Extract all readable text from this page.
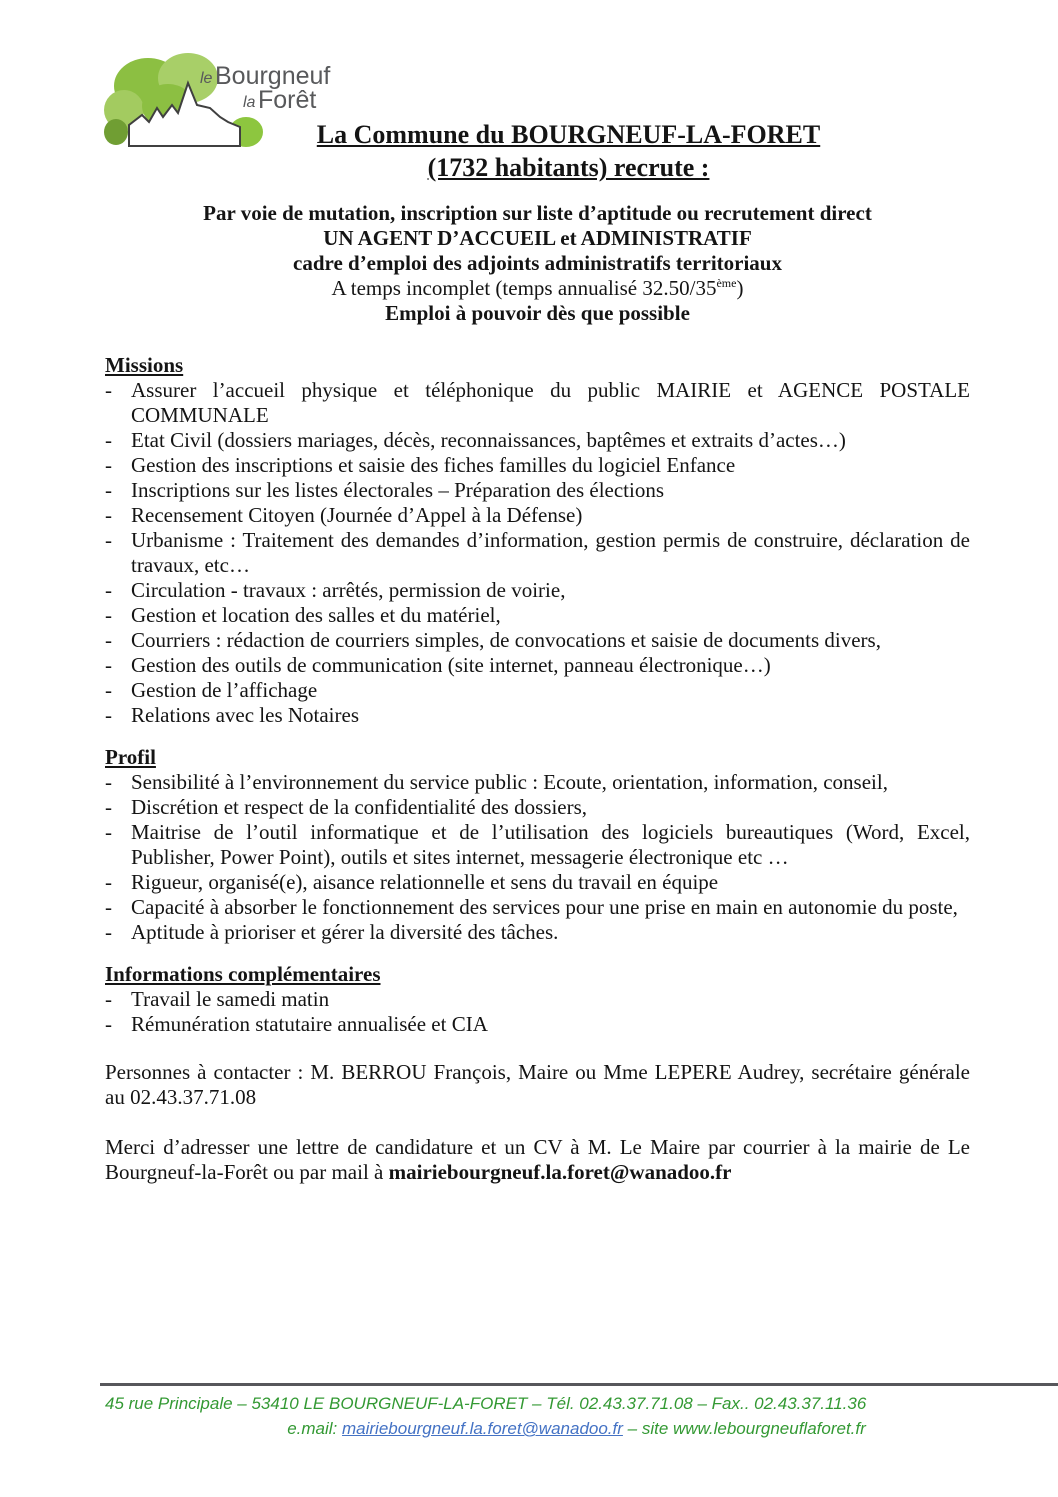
le Bourgneuf
la Forêt
La Commune du BOURGNEUF-LA-FORET
(1732 habitants) recrute :
Par voie de mutation, inscription sur liste d’aptitude ou recrutement direct
UN AGENT D’ACCUEIL et ADMINISTRATIF
cadre d’emploi des adjoints administratifs territoriaux
A temps incomplet (temps annualisé 32.50/35ème)
Emploi à pouvoir dès que possible
Missions
- Assurer l’accueil physique et téléphonique du public MAIRIE et AGENCE POSTALE COMMUNALE
- Etat Civil (dossiers mariages, décès, reconnaissances, baptêmes et extraits d’actes…)
- Gestion des inscriptions et saisie des fiches familles du logiciel Enfance
- Inscriptions sur les listes électorales – Préparation des élections
- Recensement Citoyen (Journée d’Appel à la Défense)
- Urbanisme : Traitement des demandes d’information, gestion permis de construire, déclaration de travaux, etc…
- Circulation - travaux : arrêtés, permission de voirie,
- Gestion et location des salles et du matériel,
- Courriers : rédaction de courriers simples, de convocations et saisie de documents divers,
- Gestion des outils de communication (site internet, panneau électronique…)
- Gestion de l’affichage
- Relations avec les Notaires
Profil
- Sensibilité à l’environnement du service public : Ecoute, orientation, information, conseil,
- Discrétion et respect de la confidentialité des dossiers,
- Maitrise de l’outil informatique et de l’utilisation des logiciels bureautiques (Word, Excel, Publisher, Power Point), outils et sites internet, messagerie électronique etc …
- Rigueur, organisé(e), aisance relationnelle et sens du travail en équipe
- Capacité à absorber le fonctionnement des services pour une prise en main en autonomie du poste,
- Aptitude à prioriser et gérer la diversité des tâches.
Informations complémentaires
- Travail le samedi matin
- Rémunération statutaire annualisée et CIA
Personnes à contacter : M. BERROU François, Maire ou Mme LEPERE Audrey, secrétaire générale au 02.43.37.71.08
Merci d’adresser une lettre de candidature et un CV à M. Le Maire par courrier à la mairie de Le Bourgneuf-la-Forêt ou par mail à mairiebourgneuf.la.foret@wanadoo.fr
45 rue Principale – 53410 LE BOURGNEUF-LA-FORET – Tél. 02.43.37.71.08 – Fax.. 02.43.37.11.36
e.mail: mairiebourgneuf.la.foret@wanadoo.fr – site www.lebourgneuflaforet.fr
